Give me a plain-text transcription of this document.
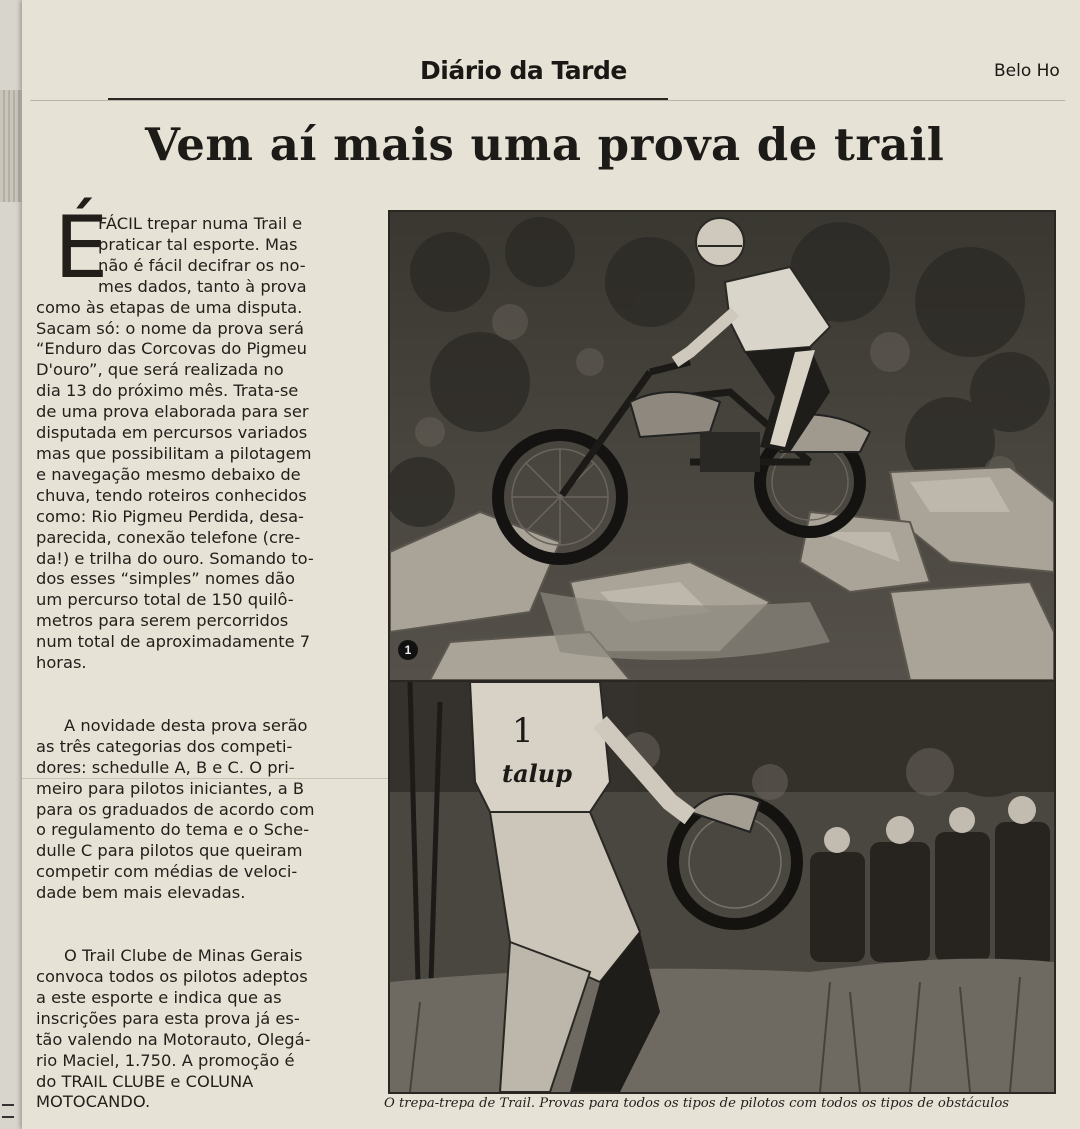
Diário da Tarde	Belo Ho
Vem aí mais uma prova de trail
É
FÁCIL trepar numa Trail e
praticar tal esporte. Mas
não é fácil decifrar os no-
mes dados, tanto à prova
como às etapas de uma disputa.
Sacam só: o nome da prova será
“Enduro das Corcovas do Pigmeu
D'ouro”, que será realizada no
dia 13 do próximo mês. Trata-se
de uma prova elaborada para ser
disputada em percursos variados
mas que possibilitam a pilotagem
e navegação mesmo debaixo de
chuva, tendo roteiros conhecidos
como: Rio Pigmeu Perdida, desa-
parecida, conexão telefone (cre-
da!) e trilha do ouro. Somando to-
dos esses “simples” nomes dão
um percurso total de 150 quilô-
metros para serem percorridos
num total de aproximadamente 7
horas.
A novidade desta prova serão
as três categorias dos competi-
dores: schedulle A, B e C. O pri-
meiro para pilotos iniciantes, a B
para os graduados de acordo com
o regulamento do tema e o Sche-
dulle C para pilotos que queiram
competir com médias de veloci-
dade bem mais elevadas.
O Trail Clube de Minas Gerais
convoca todos os pilotos adeptos
a este esporte e indica que as
inscrições para esta prova já es-
tão valendo na Motorauto, Olegá-
rio Maciel, 1.750. A promoção é
do TRAIL CLUBE e COLUNA
MOTOCANDO.
1
1
talup
O trepa-trepa de Trail. Provas para todos os tipos de pilotos com todos os tipos de obstáculos
